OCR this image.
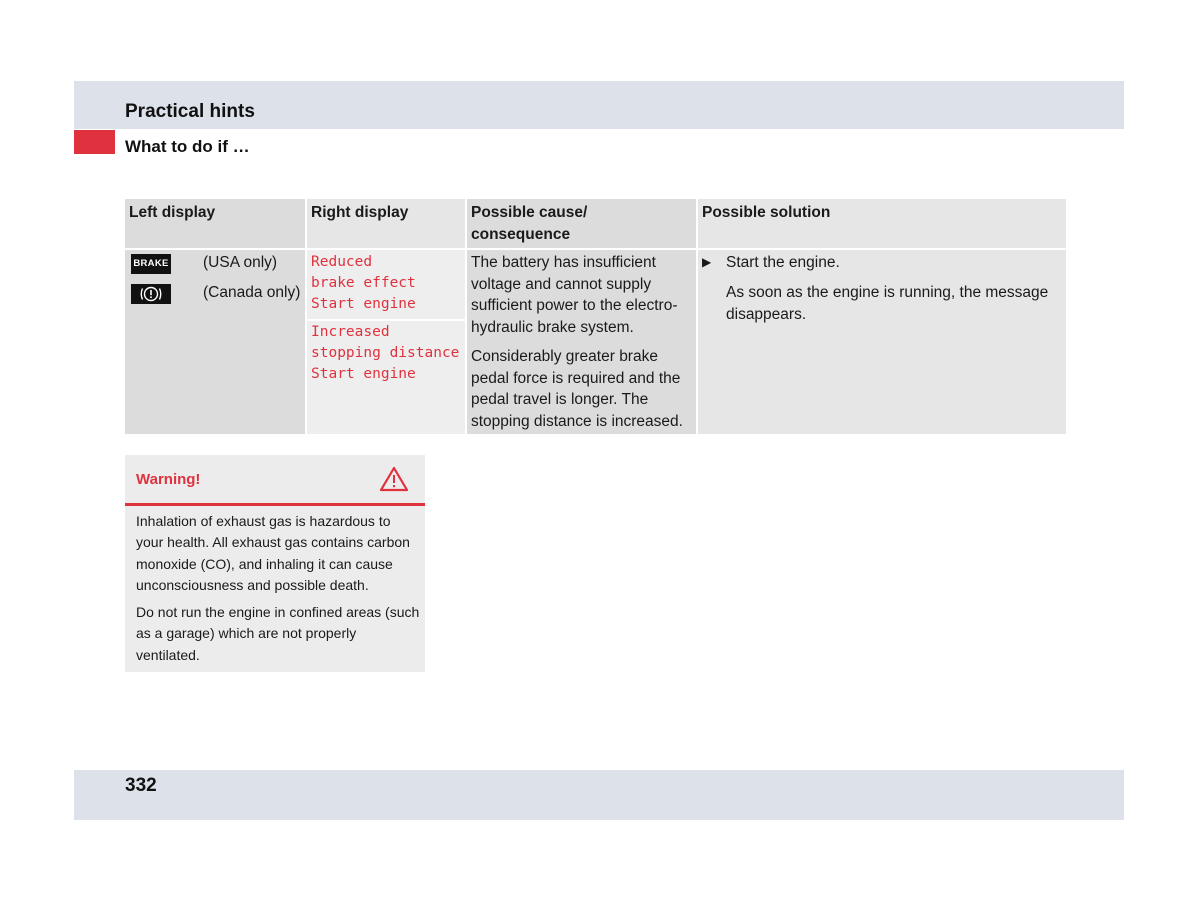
Practical hints
What to do if …
Left display	Right display	Possible cause/
consequence
Possible solution
BRAKE (USA only)
(Canada only)
Reduced
brake effect
Start engine
Increased
stopping distance
Start engine
The battery has insufficient voltage and cannot supply sufficient power to the electro-hydraulic brake system.
Considerably greater brake pedal force is required and the pedal travel is longer. The stopping distance is increased.
▶ Start the engine.
As soon as the engine is running, the message disappears.
Warning!
Inhalation of exhaust gas is hazardous to your health. All exhaust gas contains carbon monoxide (CO), and inhaling it can cause unconsciousness and possible death.
Do not run the engine in confined areas (such as a garage) which are not properly ventilated.
332
